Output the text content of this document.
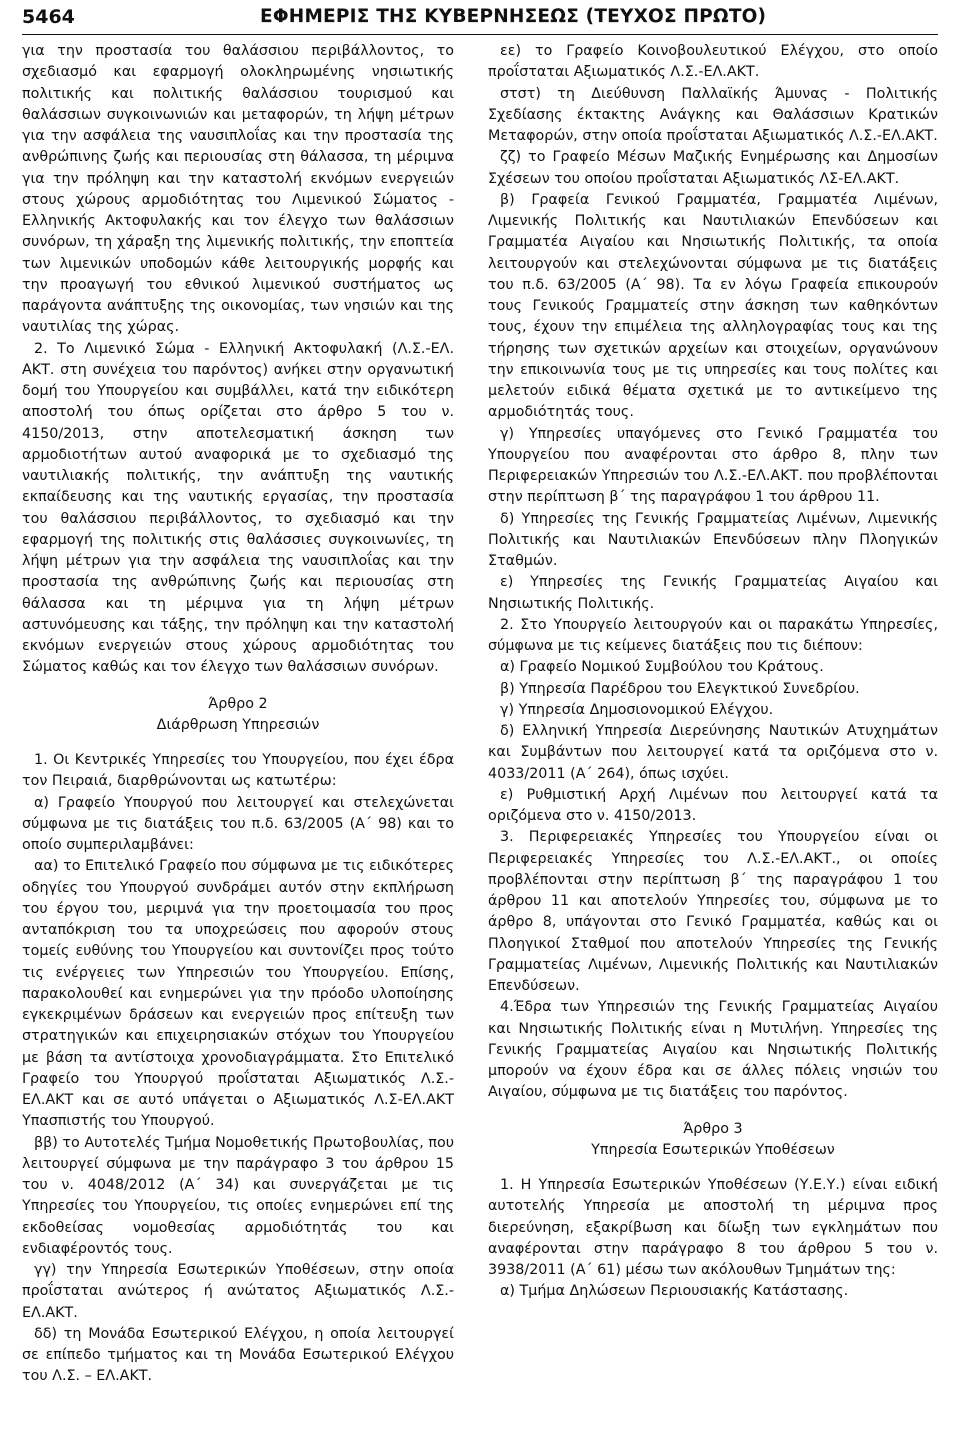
5464	ΕΦΗΜΕΡΙΣ ΤΗΣ ΚΥΒΕΡΝΗΣΕΩΣ (ΤΕΥΧΟΣ ΠΡΩΤΟ)

για την προστασία του θαλάσσιου περιβάλλοντος, το σχεδιασμό και εφαρμογή ολοκληρωμένης νησιωτικής πολιτικής και πολιτικής θαλάσσιου τουρισμού και θαλάσσιων συγκοινωνιών και μεταφορών, τη λήψη μέτρων για την ασφάλεια της ναυσιπλοΐας και την προστασία της ανθρώπινης ζωής και περιουσίας στη θάλασσα, τη μέριμνα για την πρόληψη και την καταστολή εκνόμων ενεργειών στους χώρους αρμοδιότητας του Λιμενικού Σώματος - Ελληνικής Ακτοφυλακής και τον έλεγχο των θαλάσσιων συνόρων, τη χάραξη της λιμενικής πολιτικής, την εποπτεία των λιμενικών υποδομών κάθε λειτουργικής μορφής και την προαγωγή του εθνικού λιμενικού συστήματος ως παράγοντα ανάπτυξης της οικονομίας, των νησιών και της ναυτιλίας της χώρας.

2. Το Λιμενικό Σώμα - Ελληνική Ακτοφυλακή (Λ.Σ.-ΕΛ. ΑΚΤ. στη συνέχεια του παρόντος) ανήκει στην οργανωτική δομή του Υπουργείου και συμβάλλει, κατά την ειδικότερη αποστολή του όπως ορίζεται στο άρθρο 5 του ν. 4150/2013, στην αποτελεσματική άσκηση των αρμοδιοτήτων αυτού αναφορικά με το σχεδιασμό της ναυτιλιακής πολιτικής, την ανάπτυξη της ναυτικής εκπαίδευσης και της ναυτικής εργασίας, την προστασία του θαλάσσιου περιβάλλοντος, το σχεδιασμό και την εφαρμογή της πολιτικής στις θαλάσσιες συγκοινωνίες, τη λήψη μέτρων για την ασφάλεια της ναυσιπλοΐας και την προστασία της ανθρώπινης ζωής και περιουσίας στη θάλασσα και τη μέριμνα για τη λήψη μέτρων αστυνόμευσης και τάξης, την πρόληψη και την καταστολή εκνόμων ενεργειών στους χώρους αρμοδιότητας του Σώματος καθώς και τον έλεγχο των θαλάσσιων συνόρων.

Άρθρο 2

Διάρθρωση Υπηρεσιών

1. Οι Κεντρικές Υπηρεσίες του Υπουργείου, που έχει έδρα τον Πειραιά, διαρθρώνονται ως κατωτέρω:

α) Γραφείο Υπουργού που λειτουργεί και στελεχώνεται σύμφωνα με τις διατάξεις του π.δ. 63/2005 (Α΄ 98) και το οποίο συμπεριλαμβάνει:

αα) το Επιτελικό Γραφείο που σύμφωνα με τις ειδικότερες οδηγίες του Υπουργού συνδράμει αυτόν στην εκπλήρωση του έργου του, μεριμνά για την προετοιμασία του προς ανταπόκριση του τα υποχρεώσεις που αφορούν στους τομείς ευθύνης του Υπουργείου και συντονίζει προς τούτο τις ενέργειες των Υπηρεσιών του Υπουργείου. Επίσης, παρακολουθεί και ενημερώνει για την πρόοδο υλοποίησης εγκεκριμένων δράσεων και ενεργειών προς επίτευξη των στρατηγικών και επιχειρησιακών στόχων του Υπουργείου με βάση τα αντίστοιχα χρονοδιαγράμματα. Στο Επιτελικό Γραφείο του Υπουργού προΐσταται Αξιωματικός Λ.Σ.-ΕΛ.ΑΚΤ και σε αυτό υπάγεται ο Αξιωματικός Λ.Σ-ΕΛ.ΑΚΤ Υπασπιστής του Υπουργού.

ββ) το Αυτοτελές Τμήμα Νομοθετικής Πρωτοβουλίας, που λειτουργεί σύμφωνα με την παράγραφο 3 του άρθρου 15 του ν. 4048/2012 (Α΄ 34) και συνεργάζεται με τις Υπηρεσίες του Υπουργείου, τις οποίες ενημερώνει επί της εκδοθείσας νομοθεσίας αρμοδιότητάς του και ενδιαφέροντός τους.

γγ) την Υπηρεσία Εσωτερικών Υποθέσεων, στην οποία προΐσταται ανώτερος ή ανώτατος Αξιωματικός Λ.Σ.-ΕΛ.ΑΚΤ.

δδ) τη Μονάδα Εσωτερικού Ελέγχου, η οποία λειτουργεί σε επίπεδο τμήματος και τη Μονάδα Εσωτερικού Ελέγχου του Λ.Σ. – ΕΛ.ΑΚΤ.

εε) το Γραφείο Κοινοβουλευτικού Ελέγχου, στο οποίο προΐσταται Αξιωματικός Λ.Σ.-ΕΛ.ΑΚΤ.

στστ) τη Διεύθυνση Παλλαϊκής Άμυνας - Πολιτικής Σχεδίασης έκτακτης Ανάγκης και Θαλάσσιων Κρατικών Μεταφορών, στην οποία προΐσταται Αξιωματικός Λ.Σ.-ΕΛ.ΑΚΤ.

ζζ) το Γραφείο Μέσων Μαζικής Ενημέρωσης και Δημοσίων Σχέσεων του οποίου προΐσταται Αξιωματικός ΛΣ-ΕΛ.ΑΚΤ.

β) Γραφεία Γενικού Γραμματέα, Γραμματέα Λιμένων, Λιμενικής Πολιτικής και Ναυτιλιακών Επενδύσεων και Γραμματέα Αιγαίου και Νησιωτικής Πολιτικής, τα οποία λειτουργούν και στελεχώνονται σύμφωνα με τις διατάξεις του π.δ. 63/2005 (Α΄ 98). Τα εν λόγω Γραφεία επικουρούν τους Γενικούς Γραμματείς στην άσκηση των καθηκόντων τους, έχουν την επιμέλεια της αλληλογραφίας τους και της τήρησης των σχετικών αρχείων και στοιχείων, οργανώνουν την επικοινωνία τους με τις υπηρεσίες και τους πολίτες και μελετούν ειδικά θέματα σχετικά με το αντικείμενο της αρμοδιότητάς τους.

γ) Υπηρεσίες υπαγόμενες στο Γενικό Γραμματέα του Υπουργείου που αναφέρονται στο άρθρο 8, πλην των Περιφερειακών Υπηρεσιών του Λ.Σ.-ΕΛ.ΑΚΤ. που προβλέπονται στην περίπτωση β΄ της παραγράφου 1 του άρθρου 11.

δ) Υπηρεσίες της Γενικής Γραμματείας Λιμένων, Λιμενικής Πολιτικής και Ναυτιλιακών Επενδύσεων πλην Πλοηγικών Σταθμών.

ε) Υπηρεσίες της Γενικής Γραμματείας Αιγαίου και Νησιωτικής Πολιτικής.

2. Στο Υπουργείο λειτουργούν και οι παρακάτω Υπηρεσίες, σύμφωνα με τις κείμενες διατάξεις που τις διέπουν:

α) Γραφείο Νομικού Συμβούλου του Κράτους.

β) Υπηρεσία Παρέδρου του Ελεγκτικού Συνεδρίου.

γ) Υπηρεσία Δημοσιονομικού Ελέγχου.

δ) Ελληνική Υπηρεσία Διερεύνησης Ναυτικών Ατυχημάτων και Συμβάντων που λειτουργεί κατά τα οριζόμενα στο ν. 4033/2011 (Α΄ 264), όπως ισχύει.

ε) Ρυθμιστική Αρχή Λιμένων που λειτουργεί κατά τα οριζόμενα στο ν. 4150/2013.

3. Περιφερειακές Υπηρεσίες του Υπουργείου είναι οι Περιφερειακές Υπηρεσίες του Λ.Σ.-ΕΛ.ΑΚΤ., οι οποίες προβλέπονται στην περίπτωση β΄ της παραγράφου 1 του άρθρου 11 και αποτελούν Υπηρεσίες του, σύμφωνα με το άρθρο 8, υπάγονται στο Γενικό Γραμματέα, καθώς και οι Πλοηγικοί Σταθμοί που αποτελούν Υπηρεσίες της Γενικής Γραμματείας Λιμένων, Λιμενικής Πολιτικής και Ναυτιλιακών Επενδύσεων.

4.Έδρα των Υπηρεσιών της Γενικής Γραμματείας Αιγαίου και Νησιωτικής Πολιτικής είναι η Μυτιλήνη. Υπηρεσίες της Γενικής Γραμματείας Αιγαίου και Νησιωτικής Πολιτικής μπορούν να έχουν έδρα και σε άλλες πόλεις νησιών του Αιγαίου, σύμφωνα με τις διατάξεις του παρόντος.

Άρθρο 3

Υπηρεσία Εσωτερικών Υποθέσεων

1. Η Υπηρεσία Εσωτερικών Υποθέσεων (Υ.Ε.Υ.) είναι ειδική αυτοτελής Υπηρεσία με αποστολή τη μέριμνα προς διερεύνηση, εξακρίβωση και δίωξη των εγκλημάτων που αναφέρονται στην παράγραφο 8 του άρθρου 5 του ν. 3938/2011 (Α΄ 61) μέσω των ακόλουθων Τμημάτων της:

α) Τμήμα Δηλώσεων Περιουσιακής Κατάστασης.
